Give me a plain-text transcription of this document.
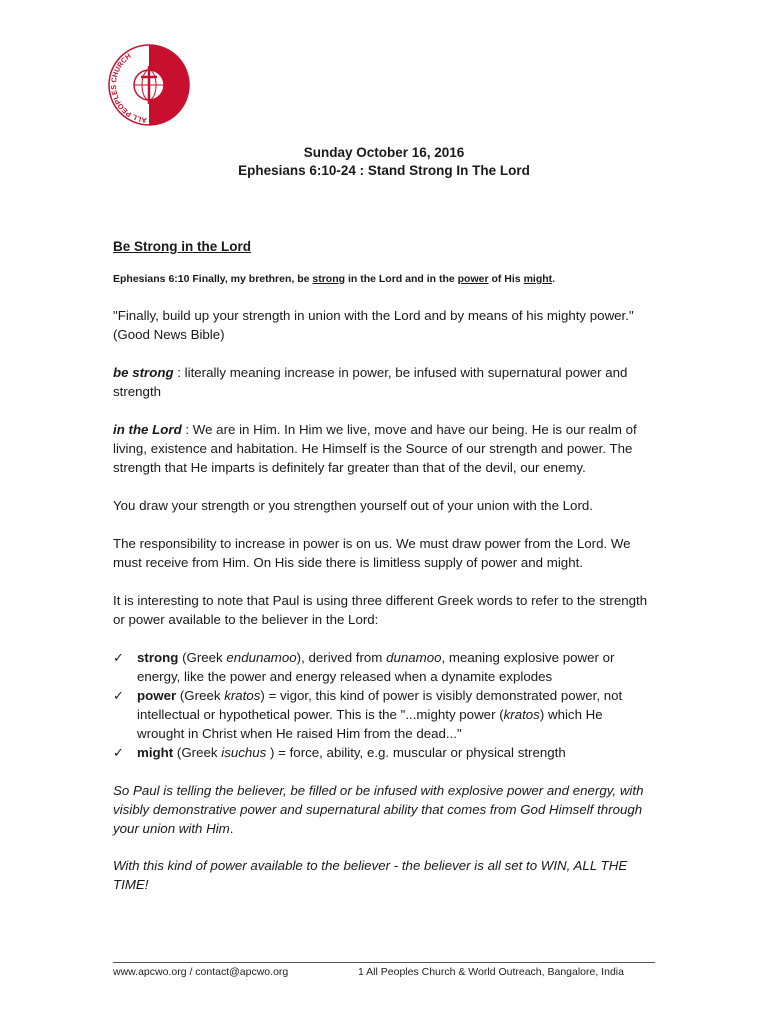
ALL PEOPLES CHURCH
Sunday October 16, 2016
Ephesians 6:10-24 : Stand Strong In The Lord
Be Strong in the Lord
Ephesians 6:10 Finally, my brethren, be strong in the Lord and in the power of His might.
"Finally, build up your strength in union with the Lord and by means of his mighty power." (Good News Bible)
be strong : literally meaning increase in power, be infused with supernatural power and strength
in the Lord : We are in Him. In Him we live, move and have our being. He is our realm of living, existence and habitation. He Himself is the Source of our strength and power. The strength that He imparts is definitely far greater than that of the devil, our enemy.
You draw your strength or you strengthen yourself out of your union with the Lord.
The responsibility to increase in power is on us. We must draw power from the Lord. We must receive from Him. On His side there is limitless supply of power and might.
It is interesting to note that Paul is using three different Greek words to refer to the strength or power available to the believer in the Lord:
✓ strong (Greek endunamoo), derived from dunamoo, meaning explosive power or energy, like the power and energy released when a dynamite explodes
✓ power (Greek kratos) = vigor, this kind of power is visibly demonstrated power, not intellectual or hypothetical power. This is the "...mighty power (kratos) which He wrought in Christ when He raised Him from the dead..."
✓ might (Greek isuchus ) = force, ability, e.g. muscular or physical strength
So Paul is telling the believer, be filled or be infused with explosive power and energy, with visibly demonstrative power and supernatural ability that comes from God Himself through your union with Him.
With this kind of power available to the believer - the believer is all set to WIN, ALL THE TIME!
www.apcwo.org / contact@apcwo.org	1 All Peoples Church & World Outreach, Bangalore, India
